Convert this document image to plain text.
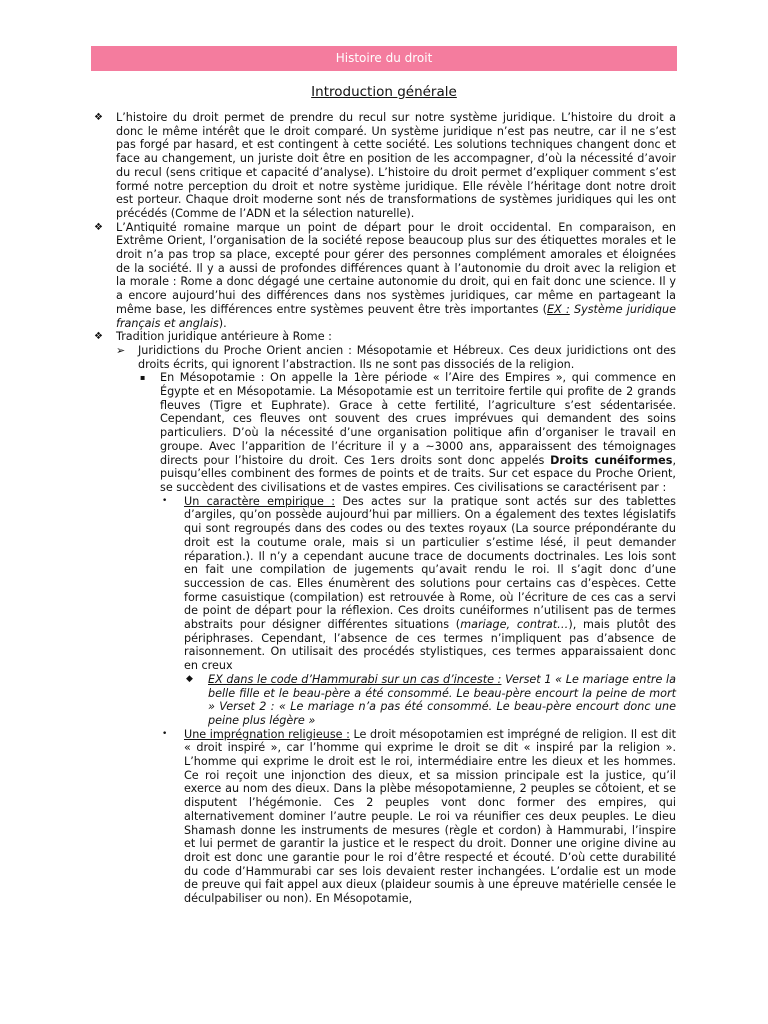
Histoire du droit
Introduction générale
❖ L’histoire du droit permet de prendre du recul sur notre système juridique. L’histoire du droit a donc le même intérêt que le droit comparé. Un système juridique n’est pas neutre, car il ne s’est pas forgé par hasard, et est contingent à cette société. Les solutions techniques changent donc et face au changement, un juriste doit être en position de les accompagner, d’où la nécessité d’avoir du recul (sens critique et capacité d’analyse). L’histoire du droit permet d’expliquer comment s’est formé notre perception du droit et notre système juridique. Elle révèle l’héritage dont notre droit est porteur. Chaque droit moderne sont nés de transformations de systèmes juridiques qui les ont précédés (Comme de l’ADN et la sélection naturelle).
❖ L’Antiquité romaine marque un point de départ pour le droit occidental. En comparaison, en Extrême Orient, l’organisation de la société repose beaucoup plus sur des étiquettes morales et le droit n’a pas trop sa place, excepté pour gérer des personnes complément amorales et éloignées de la société. Il y a aussi de profondes différences quant à l’autonomie du droit avec la religion et la morale : Rome a donc dégagé une certaine autonomie du droit, qui en fait donc une science. Il y a encore aujourd’hui des différences dans nos systèmes juridiques, car même en partageant la même base, les différences entre systèmes peuvent être très importantes (EX : Système juridique français et anglais).
❖ Tradition juridique antérieure à Rome :
➢ Juridictions du Proche Orient ancien : Mésopotamie et Hébreux. Ces deux juridictions ont des droits écrits, qui ignorent l’abstraction. Ils ne sont pas dissociés de la religion.
▪ En Mésopotamie : On appelle la 1ère période « l’Aire des Empires », qui commence en Égypte et en Mésopotamie. La Mésopotamie est un territoire fertile qui profite de 2 grands fleuves (Tigre et Euphrate). Grace à cette fertilité, l’agriculture s’est sédentarisée. Cependant, ces fleuves ont souvent des crues imprévues qui demandent des soins particuliers. D’où la nécessité d’une organisation politique afin d’organiser le travail en groupe. Avec l’apparition de l’écriture il y a ~3000 ans, apparaissent des témoignages directs pour l’histoire du droit. Ces 1ers droits sont donc appelés Droits cunéiformes, puisqu’elles combinent des formes de points et de traits. Sur cet espace du Proche Orient, se succèdent des civilisations et de vastes empires. Ces civilisations se caractérisent par :
• Un caractère empirique : Des actes sur la pratique sont actés sur des tablettes d’argiles, qu’on possède aujourd’hui par milliers. On a également des textes législatifs qui sont regroupés dans des codes ou des textes royaux (La source prépondérante du droit est la coutume orale, mais si un particulier s’estime lésé, il peut demander réparation.). Il n’y a cependant aucune trace de documents doctrinales. Les lois sont en fait une compilation de jugements qu’avait rendu le roi. Il s’agit donc d’une succession de cas. Elles énumèrent des solutions pour certains cas d’espèces. Cette forme casuistique (compilation) est retrouvée à Rome, où l’écriture de ces cas a servi de point de départ pour la réflexion. Ces droits cunéiformes n’utilisent pas de termes abstraits pour désigner différentes situations (mariage, contrat…), mais plutôt des périphrases. Cependant, l’absence de ces termes n’impliquent pas d’absence de raisonnement. On utilisait des procédés stylistiques, ces termes apparaissaient donc en creux
◆ EX dans le code d’Hammurabi sur un cas d’inceste : Verset 1 « Le mariage entre la belle fille et le beau-père a été consommé. Le beau-père encourt la peine de mort » Verset 2 : « Le mariage n’a pas été consommé. Le beau-père encourt donc une peine plus légère »
• Une imprégnation religieuse : Le droit mésopotamien est imprégné de religion. Il est dit « droit inspiré », car l’homme qui exprime le droit se dit « inspiré par la religion ». L’homme qui exprime le droit est le roi, intermédiaire entre les dieux et les hommes. Ce roi reçoit une injonction des dieux, et sa mission principale est la justice, qu’il exerce au nom des dieux. Dans la plèbe mésopotamienne, 2 peuples se côtoient, et se disputent l’hégémonie. Ces 2 peuples vont donc former des empires, qui alternativement dominer l’autre peuple. Le roi va réunifier ces deux peuples. Le dieu Shamash donne les instruments de mesures (règle et cordon) à Hammurabi, l’inspire et lui permet de garantir la justice et le respect du droit. Donner une origine divine au droit est donc une garantie pour le roi d’être respecté et écouté. D’où cette durabilité du code d’Hammurabi car ses lois devaient rester inchangées. L’ordalie est un mode de preuve qui fait appel aux dieux (plaideur soumis à une épreuve matérielle censée le déculpabiliser ou non). En Mésopotamie,
